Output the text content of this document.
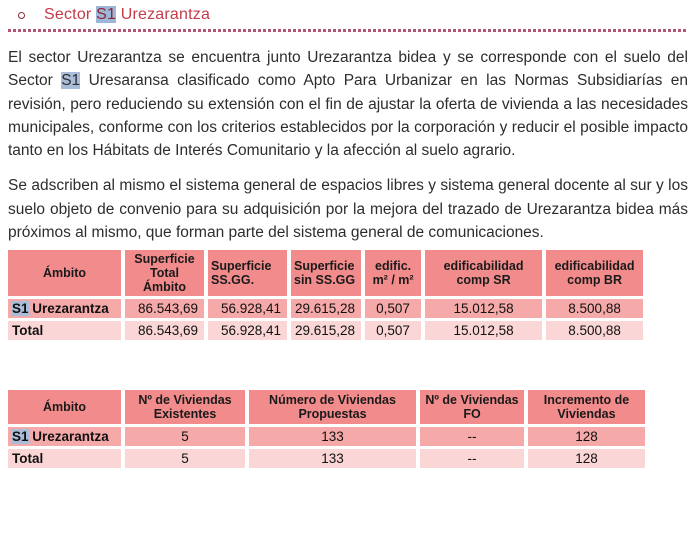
Sector S1 Urezarantza

El sector Urezarantza se encuentra junto Urezarantza bidea y se corresponde con el suelo del Sector S1 Uresaransa clasificado como Apto Para Urbanizar en las Normas Subsidiarías en revisión, pero reduciendo su extensión con el fin de ajustar la oferta de vivienda a las necesidades municipales, conforme con los criterios establecidos por la corporación y reducir el posible impacto tanto en los Hábitats de Interés Comunitario y la afección al suelo agrario.

Se adscriben al mismo el sistema general de espacios libres y sistema general docente al sur y los suelo objeto de convenio para su adquisición por la mejora del trazado de Urezarantza bidea más próximos al mismo, que forman parte del sistema general de comunicaciones.

Ámbito	Superficie Total Ámbito	Superficie SS.GG.	Superficie sin SS.GG	edific. m² / m²	edificabilidad comp SR	edificabilidad comp BR
S1 Urezarantza	86.543,69	56.928,41	29.615,28	0,507	15.012,58	8.500,88
Total	86.543,69	56.928,41	29.615,28	0,507	15.012,58	8.500,88
Ámbito	Nº de Viviendas Existentes	Número de Viviendas Propuestas	Nº de Viviendas FO	Incremento de Viviendas
S1 Urezarantza	5	133	--	128
Total	5	133	--	128
